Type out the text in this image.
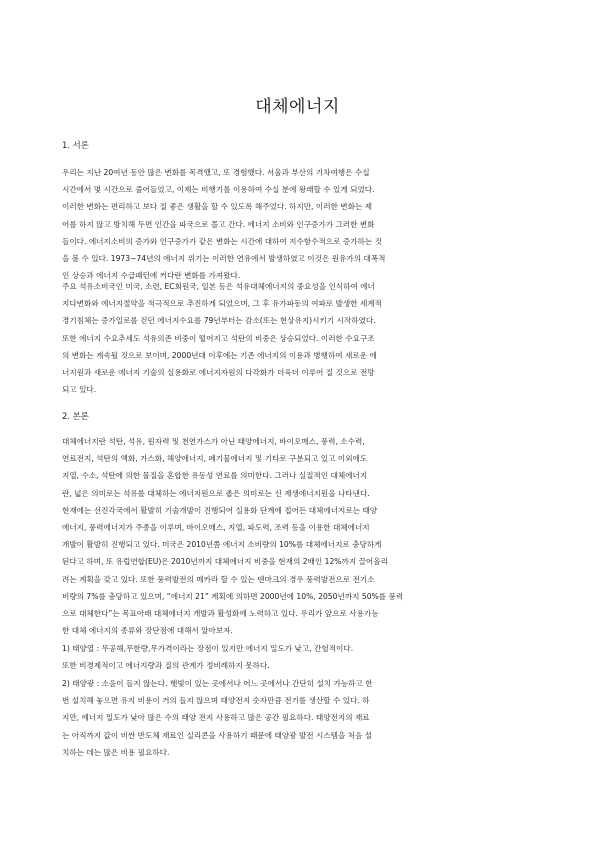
대체에너지
1. 서론
우리는 지난 20여년 동안 많은 변화를 목격했고, 또 경험했다. 서울과 부산의 기차여행은 수십
시간에서 몇 시간으로 줄어들었고, 이제는 비행기를 이용하여 수십 분에 왕래할 수 있게 되었다.
이러한 변화는 편리하고 보다 질 좋은 생활을 할 수 있도록 해주었다. 하지만, 이러한 변화는 제
어를 하지 않고 방치해 두면 인간을 파국으로 몰고 간다. 에너지 소비와 인구증가가 그러한 변화
들이다. 에너지소비의 증가와 인구증가가 같은 변화는 시간에 대하여 지수함수적으로 증가하는 것
을 볼 수 있다. 1973~74년의 에너지 위기는 이러한 연유에서 발생하였고 이것은 원유가의 대폭적
인 상승과 에너지 수급패턴에 커다란 변화를 가져왔다.
주요 석유소비국인 미국, 소련, EC회원국, 일본 등은 석유대체에너지의 중요성을 인식하여 에너
지다변화와 에너지절약을 적극적으로 추진하게 되었으며, 그 후 유가파동의 여파로 발생한 세계적
경기침체는 증가일로를 걷던 에너지수요를 79년부터는 감소(또는 현상유지)시키기 시작하였다.
또한 에너지 수요추세도 석유의존 비중이 떨어지고 석탄의 비중은 상승되었다. 이러한 수요구조
의 변화는 계속될 것으로 보이며, 2000년대 이후에는 기존 에너지의 이용과 병행하여 새로운 에
너지원과 새로운 에너지 기술의 실용화로 에너지자원의 다각화가 더욱더 이루어 질 것으로 전망
되고 있다.
2. 본론
대체에너지란 석탄, 석유, 원자력 및 천연가스가 아닌 태양에너지, 바이오매스, 풍력, 소수력,
연료전지, 석탄의 액화, 가스화, 해양에너지, 폐기물에너지 및 기타로 구분되고 있고 이외에도
지열, 수소, 석탄에 의한 물질을 혼합한 유동성 연료를 의미한다. 그러나 실질적인 대체에너지
란, 넓은 의미로는 석유를 대체하는 에너지원으로 좁은 의미로는 신 재생에너지원을 나타낸다.
현재에는 선진각국에서 활발히 기술개발이 진행되어 실용화 단계에 접어든 대체에너지로는 태양
에너지, 풍력에너지가 주종을 이루며, 바이오매스, 지열, 파도력, 조력 등을 이용한 대체에너지
개발이 활발히 진행되고 있다. 미국은 2010년쯤 에너지 소비량의 10%를 대체에너지로 충당하게
된다고 하며, 또 유럽연합(EU)은 2010년까지 대체에너지 비중을 현재의 2배인 12%까지 끌어올리
려는 계획을 갖고 있다. 또한 풍력발전의 메카라 할 수 있는 덴마크의 경우 풍력발전으로 전기소
비량의 7%를 충당하고 있으며, “에너지 21” 계획에 의하면 2000년에 10%, 2050년까지 50%를 풍력
으로 대체한다”는 목표아래 대체에너지 개발과 활성화에 노력하고 있다. 우리가 앞으로 사용가능
한 대체 에너지의 종류와 장단점에 대해서 알아보자.
1) 태양열 : 무공해,무한량,무가격이라는 장점이 있지만 에너지 밀도가 낮고, 간헐적이다.
또한 비경제적이고 에너지량과 질의 관계가 정비례하지 못하다.
2) 태양광 : 소음이 들지 않는다. 햇빛이 있는 곳에서나 어느 곳에서나 간단히 설치 가능하고 한
번 설치해 놓으면 유지 비용이 거의 들지 않으며 태양전지 숫자만큼 전기를 생산할 수 있다. 하
지만, 에너지 밀도가 낮아 많은 수의 태양 전지 사용하고 많은 공간 필요하다. 태양전지의 재료
는 아직까지 값이 비싼 반도체 재료인 실리콘을 사용하기 때문에 태양광 발전 시스템을 처음 설
치하는 데는 많은 비용 필요하다.
